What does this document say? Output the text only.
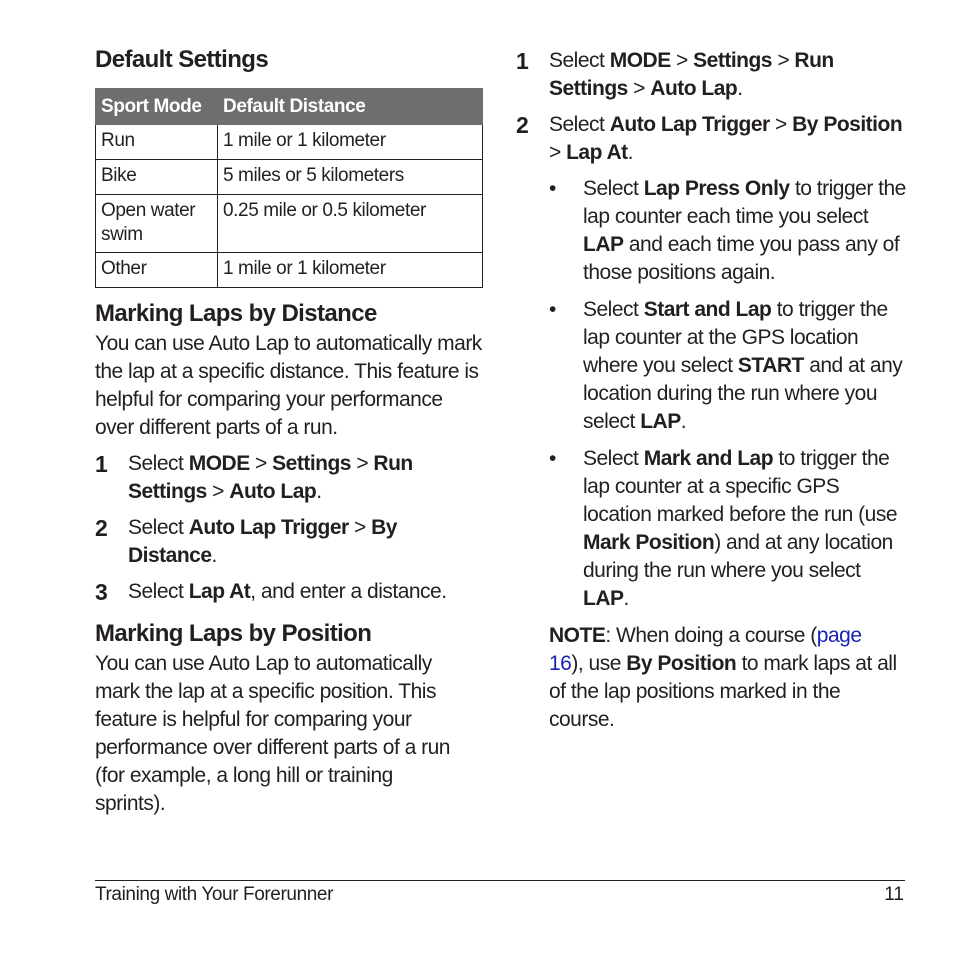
Default Settings
Sport Mode	Default Distance
Run	1 mile or 1 kilometer
Bike	5 miles or 5 kilometers
Open water swim	0.25 mile or 0.5 kilometer
Other	1 mile or 1 kilometer
Marking Laps by Distance

You can use Auto Lap to automatically mark the lap at a specific distance. This feature is helpful for comparing your performance over different parts of a run.

1 Select MODE > Settings > Run Settings > Auto Lap.
2 Select Auto Lap Trigger > By Distance.
3 Select Lap At, and enter a distance.
Marking Laps by Position

You can use Auto Lap to automatically mark the lap at a specific position. This feature is helpful for comparing your performance over different parts of a run (for example, a long hill or training sprints).

1 Select MODE > Settings > Run Settings > Auto Lap.
2 Select Auto Lap Trigger > By Position > Lap At.
• Select Lap Press Only to trigger the lap counter each time you select LAP and each time you pass any of those positions again.
• Select Start and Lap to trigger the lap counter at the GPS location where you select START and at any location during the run where you select LAP.
• Select Mark and Lap to trigger the lap counter at a specific GPS location marked before the run (use Mark Position) and at any location during the run where you select LAP.

NOTE: When doing a course (page 16), use By Position to mark laps at all of the lap positions marked in the course.

Training with Your Forerunner	11
